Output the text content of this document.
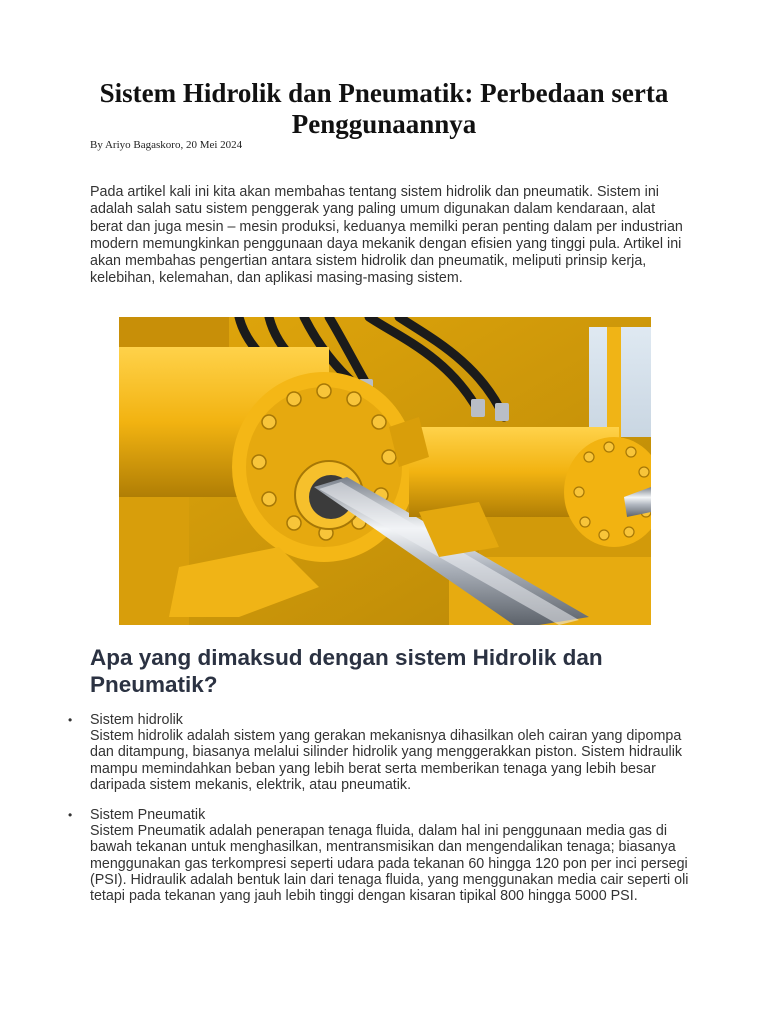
Sistem Hidrolik dan Pneumatik: Perbedaan serta Penggunaannya
By Ariyo Bagaskoro, 20 Mei 2024

Pada artikel kali ini kita akan membahas tentang sistem hidrolik dan pneumatik. Sistem ini adalah salah satu sistem penggerak yang paling umum digunakan dalam kendaraan, alat berat dan juga mesin – mesin produksi, keduanya memilki peran penting dalam per industrian modern memungkinkan penggunaan daya mekanik dengan efisien yang tinggi pula. Artikel ini akan membahas pengertian antara sistem hidrolik dan pneumatik, meliputi prinsip kerja, kelebihan, kelemahan, dan aplikasi masing-masing sistem.

Apa yang dimaksud dengan sistem Hidrolik dan Pneumatik?
• Sistem hidrolik
Sistem hidrolik adalah sistem yang gerakan mekanisnya dihasilkan oleh cairan yang dipompa dan ditampung, biasanya melalui silinder hidrolik yang menggerakkan piston. Sistem hidraulik mampu memindahkan beban yang lebih berat serta memberikan tenaga yang lebih besar daripada sistem mekanis, elektrik, atau pneumatik.
• Sistem Pneumatik
Sistem Pneumatik adalah penerapan tenaga fluida, dalam hal ini penggunaan media gas di bawah tekanan untuk menghasilkan, mentransmisikan dan mengendalikan tenaga; biasanya menggunakan gas terkompresi seperti udara pada tekanan 60 hingga 120 pon per inci persegi (PSI). Hidraulik adalah bentuk lain dari tenaga fluida, yang menggunakan media cair seperti oli tetapi pada tekanan yang jauh lebih tinggi dengan kisaran tipikal 800 hingga 5000 PSI.
